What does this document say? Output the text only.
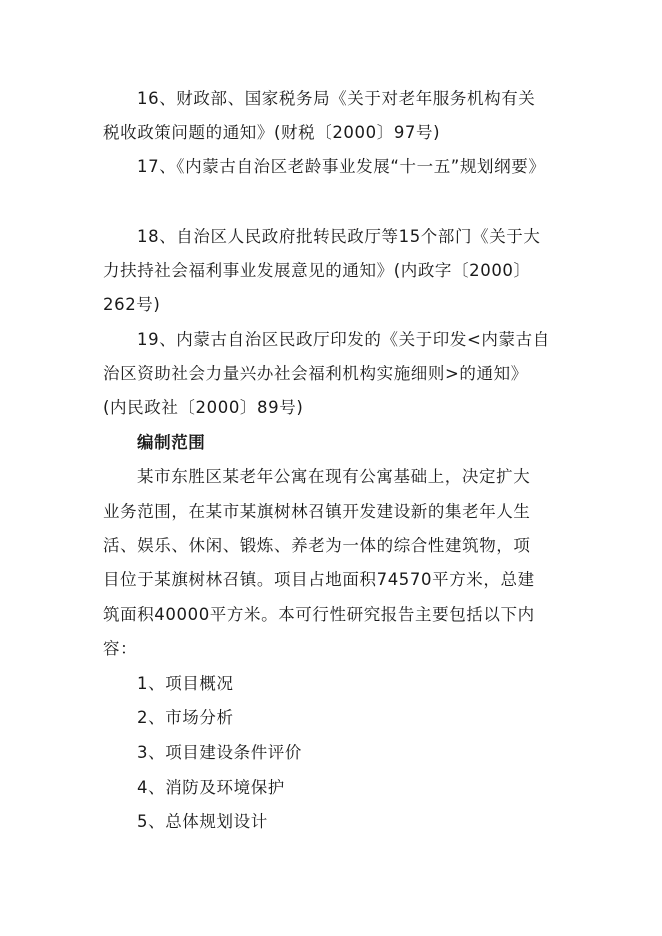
16、财政部、国家税务局《关于对老年服务机构有关
税收政策问题的通知》(财税〔2000〕97号)
17、《内蒙古自治区老龄事业发展“十一五”规划纲要》
18、自治区人民政府批转民政厅等15个部门《关于大
力扶持社会福利事业发展意见的通知》(内政字〔2000〕
262号)
19、内蒙古自治区民政厅印发的《关于印发<内蒙古自
治区资助社会力量兴办社会福利机构实施细则>的通知》
(内民政社〔2000〕89号)
编制范围
某市东胜区某老年公寓在现有公寓基础上，决定扩大
业务范围，在某市某旗树林召镇开发建设新的集老年人生
活、娱乐、休闲、锻炼、养老为一体的综合性建筑物，项
目位于某旗树林召镇。项目占地面积74570平方米，总建
筑面积40000平方米。本可行性研究报告主要包括以下内
容：
1、项目概况
2、市场分析
3、项目建设条件评价
4、消防及环境保护
5、总体规划设计
